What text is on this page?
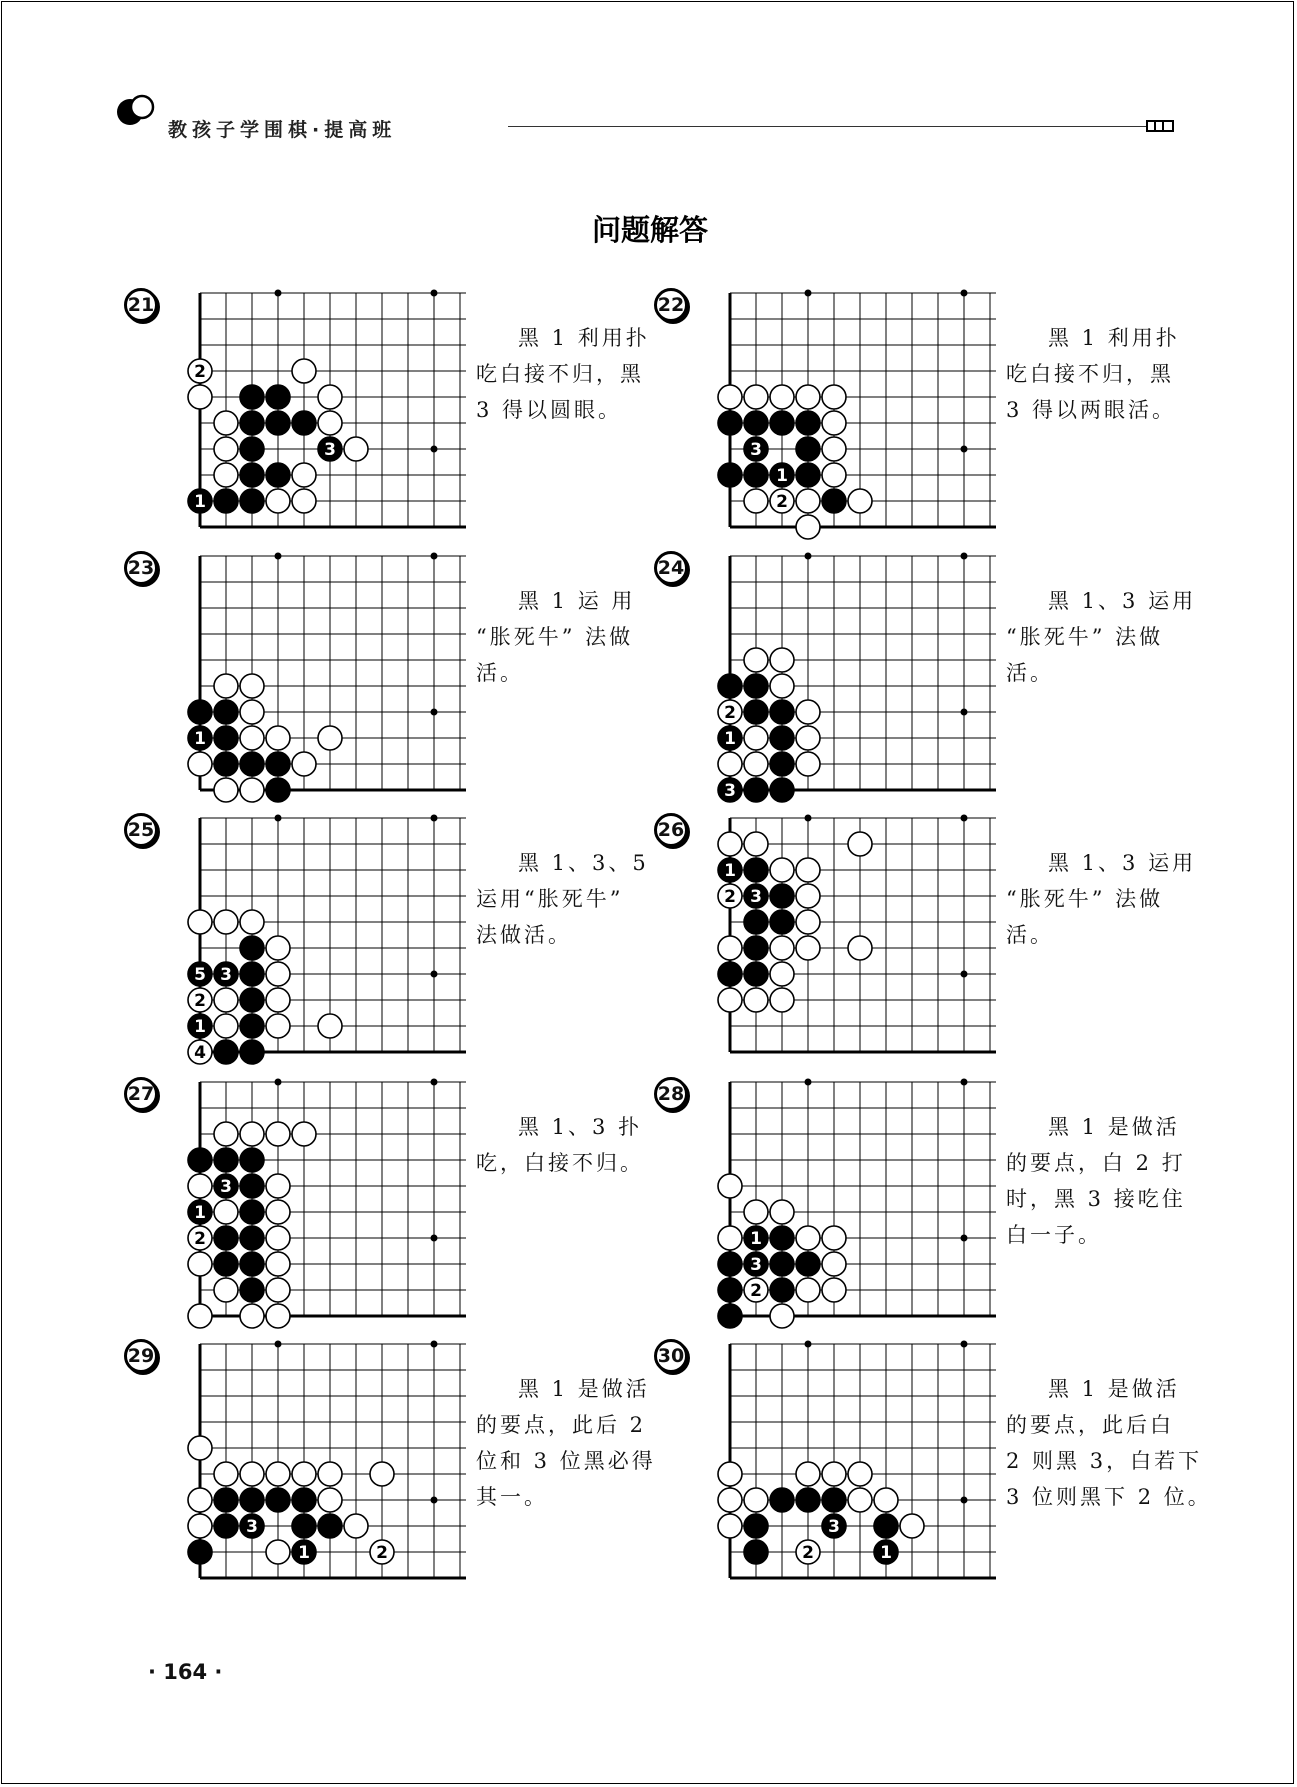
教孩子学围棋·提高班
问题解答
21
2
3
1
黑 1 利用扑
吃白接不归，黑
3 得以圆眼。
22
3
1
2
黑 1 利用扑
吃白接不归，黑
3 得以两眼活。
23
1
黑 1 运 用
“胀死牛” 法做
活。
24
2
1
3
黑 1、3 运用
“胀死牛” 法做
活。
25
5 3
2
1
4
黑 1、3、5
运用“胀死牛”
法做活。
26
1
2 3
黑 1、3 运用
“胀死牛” 法做
活。
27
3
1
2
黑 1、3 扑
吃，白接不归。
28
1
3
2
黑 1 是做活
的要点，白 2 打
时，黑 3 接吃住
白一子。
29
3
1	2
黑 1 是做活
的要点，此后 2
位和 3 位黑必得
其一。
30
3
2	1
黑 1 是做活
的要点，此后白
2 则黑 3，白若下
3 位则黑下 2 位。
· 164 ·
